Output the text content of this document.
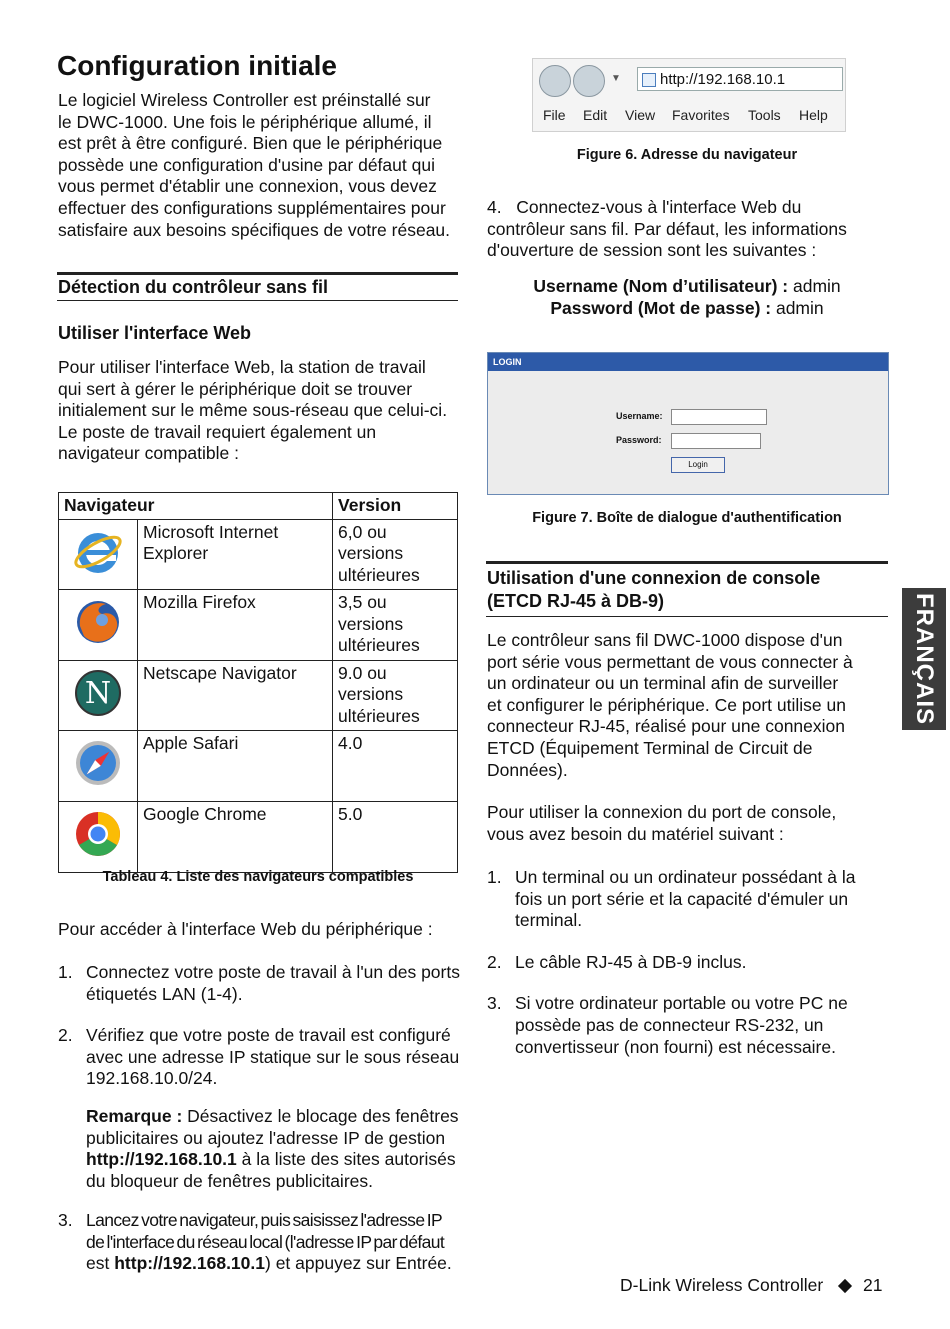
Configuration initiale
Le logiciel Wireless Controller est préinstallé sur
le DWC-1000. Une fois le périphérique allumé, il
est prêt à être configuré. Bien que le périphérique
possède une configuration d'usine par défaut qui
vous permet d'établir une connexion, vous devez
effectuer des configurations supplémentaires pour
satisfaire aux besoins spécifiques de votre réseau.
Détection du contrôleur sans fil
Utiliser l'interface Web
Pour utiliser l'interface Web, la station de travail
qui sert à gérer le périphérique doit se trouver
initialement sur le même sous-réseau que celui-ci.
Le poste de travail requiert également un
navigateur compatible :
Navigateur		Version
	Microsoft Internet
Explorer	6,0 ou
versions
ultérieures
	Mozilla Firefox	3,5 ou
versions
ultérieures

N	Netscape Navigator	9.0 ou
versions
ultérieures
	Apple Safari	4.0
	Google Chrome	5.0
Tableau 4. Liste des navigateurs compatibles
Pour accéder à l'interface Web du périphérique :
1. Connectez votre poste de travail à l'un des ports
étiquetés LAN (1-4).
2. Vérifiez que votre poste de travail est configuré
avec une adresse IP statique sur le sous réseau
192.168.10.0/24.
Remarque : Désactivez le blocage des fenêtres
publicitaires ou ajoutez l'adresse IP de gestion
http://192.168.10.1 à la liste des sites autorisés
du bloqueur de fenêtres publicitaires.
3. Lancez votre navigateur, puis saisissez l'adresse IP
de l'interface du réseau local (l'adresse IP par défaut
est http://192.168.10.1) et appuyez sur Entrée.
▼	http://192.168.10.1
File Edit View Favorites Tools Help
Figure 6. Adresse du navigateur
4. Connectez-vous à l'interface Web du
contrôleur sans fil. Par défaut, les informations
d'ouverture de session sont les suivantes :
Username (Nom d’utilisateur) : admin
Password (Mot de passe) : admin
LOGIN
Username:
Password:
Login
Figure 7. Boîte de dialogue d'authentification
Utilisation d'une connexion de console
(ETCD RJ-45 à DB-9)
Le contrôleur sans fil DWC-1000 dispose d'un
port série vous permettant de vous connecter à
un ordinateur ou un terminal afin de surveiller
et configurer le périphérique. Ce port utilise un
connecteur RJ-45, réalisé pour une connexion
ETCD (Équipement Terminal de Circuit de
Données).
Pour utiliser la connexion du port de console,
vous avez besoin du matériel suivant :
1. Un terminal ou un ordinateur possédant à la
fois un port série et la capacité d'émuler un
terminal.
2. Le câble RJ-45 à DB-9 inclus.
3. Si votre ordinateur portable ou votre PC ne
possède pas de connecteur RS-232, un
convertisseur (non fourni) est nécessaire.
FRANÇAIS
D-Link Wireless Controller 21
